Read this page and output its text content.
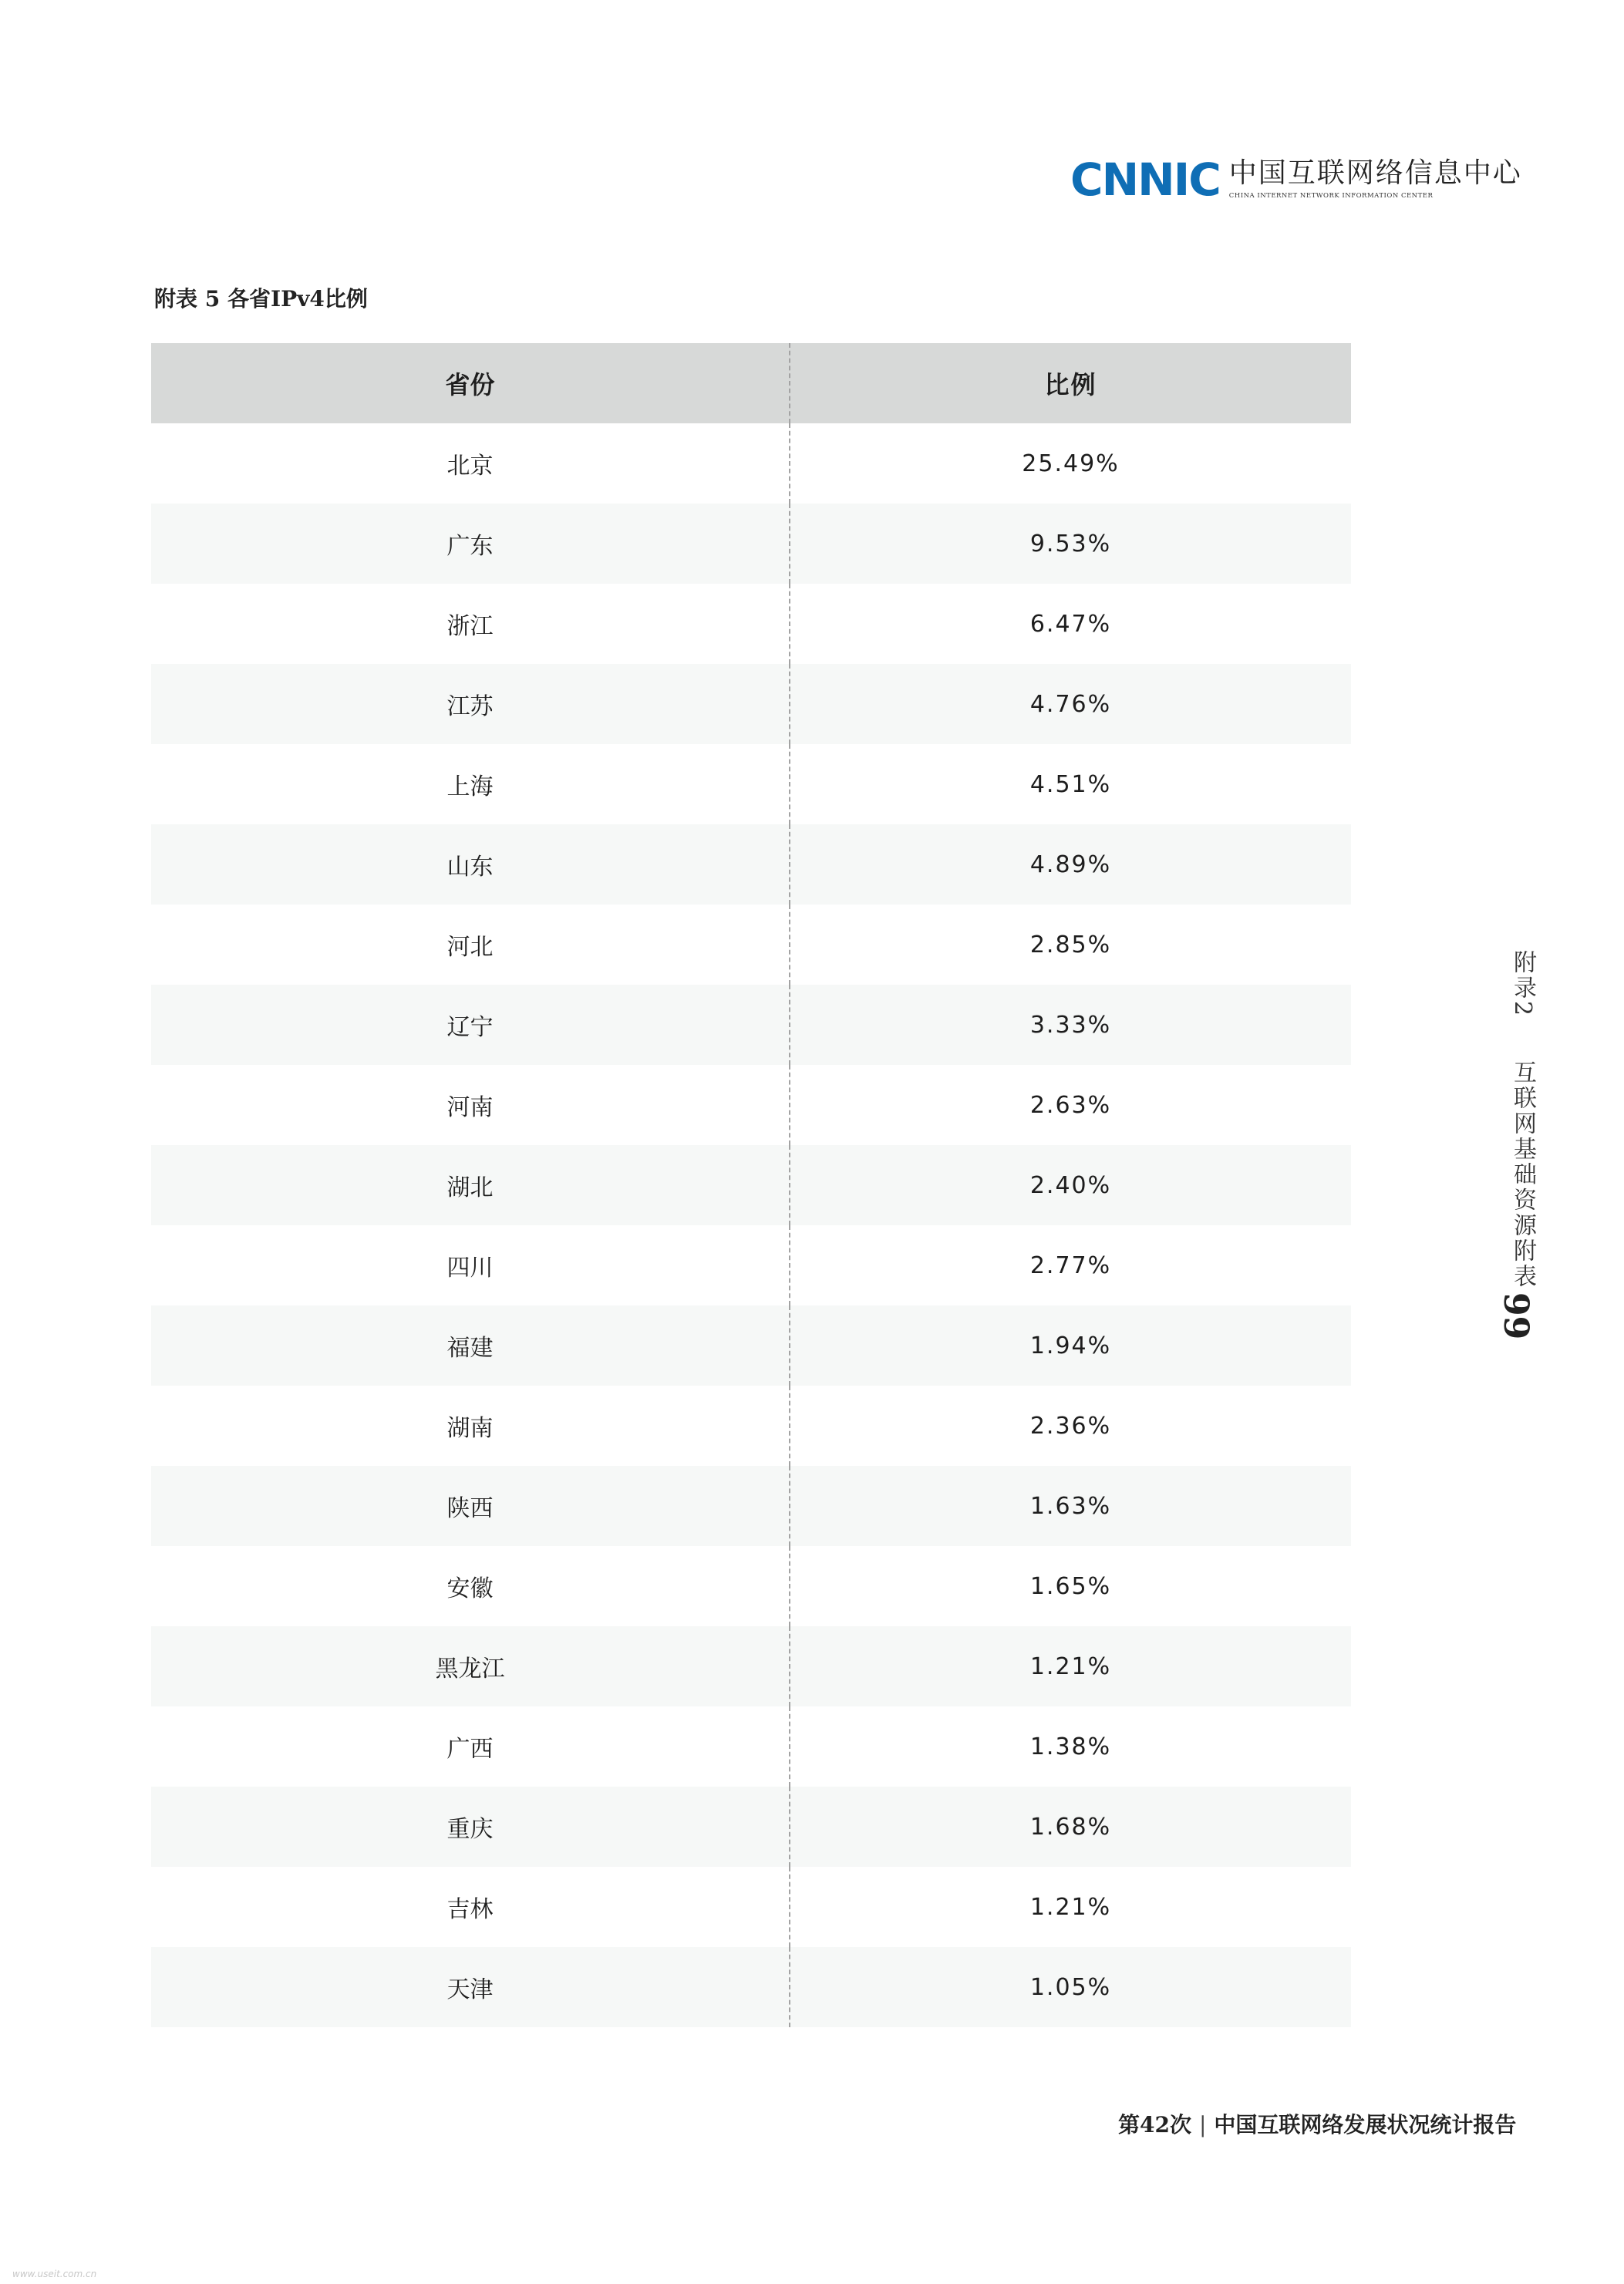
CNNIC 中国互联网络信息中心
CHINA INTERNET NETWORK INFORMATION CENTER
附表 5 各省IPv4比例
省份	比例
北京	25.49%
广东	9.53%
浙江	6.47%
江苏	4.76%
上海	4.51%
山东	4.89%
河北	2.85%
辽宁	3.33%
河南	2.63%
湖北	2.40%
四川	2.77%
福建	1.94%
湖南	2.36%
陕西	1.63%
安徽	1.65%
黑龙江	1.21%
广西	1.38%
重庆	1.68%
吉林	1.21%
天津	1.05%
附录2  互联网基础资源附表
99
第42次 | 中国互联网络发展状况统计报告
www.useit.com.cn
